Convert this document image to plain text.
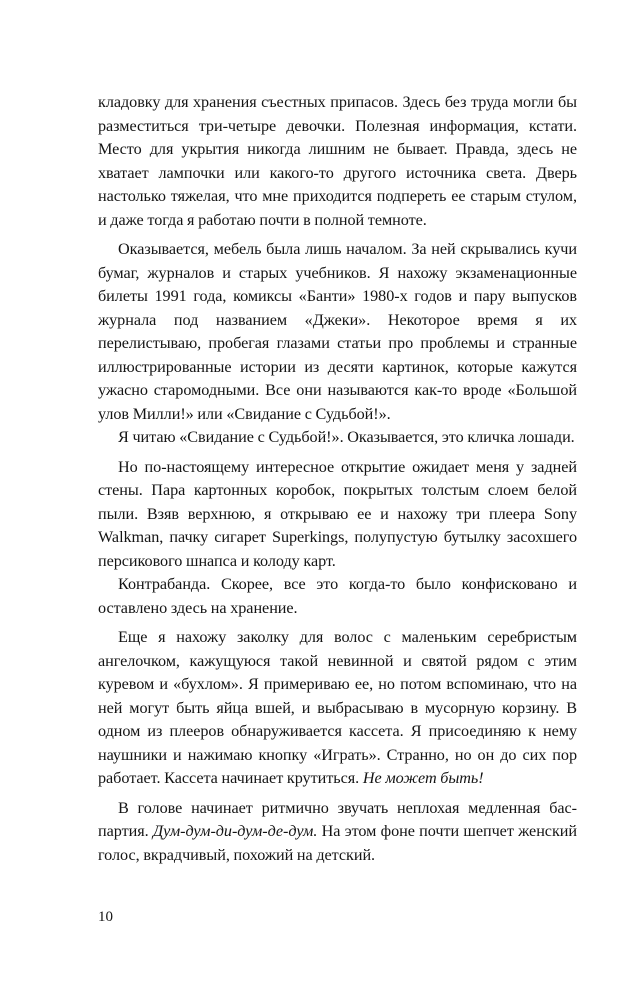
кладовку для хранения съестных припасов. Здесь без труда могли бы разместиться три-четыре девочки. Полезная информация, кстати. Место для укрытия никогда лишним не бывает. Правда, здесь не хватает лампочки или какого-то другого источника света. Дверь настолько тяжелая, что мне приходится подпереть ее старым стулом, и даже тогда я работаю почти в полной темноте.

Оказывается, мебель была лишь началом. За ней скрывались кучи бумаг, журналов и старых учебников. Я нахожу экзаменационные билеты 1991 года, комиксы «Банти» 1980-х годов и пару выпусков журнала под названием «Джеки». Некоторое время я их перелистываю, пробегая глазами статьи про проблемы и странные иллюстрированные истории из десяти картинок, которые кажутся ужасно старомодными. Все они называются как-то вроде «Большой улов Милли!» или «Свидание с Судьбой!».

Я читаю «Свидание с Судьбой!». Оказывается, это кличка лошади.

Но по-настоящему интересное открытие ожидает меня у задней стены. Пара картонных коробок, покрытых толстым слоем белой пыли. Взяв верхнюю, я открываю ее и нахожу три плеера Sony Walkman, пачку сигарет Superkings, полупустую бутылку засохшего персикового шнапса и колоду карт.

Контрабанда. Скорее, все это когда-то было конфисковано и оставлено здесь на хранение.

Еще я нахожу заколку для волос с маленьким серебристым ангелочком, кажущуюся такой невинной и святой рядом с этим куревом и «бухлом». Я примериваю ее, но потом вспоминаю, что на ней могут быть яйца вшей, и выбрасываю в мусорную корзину. В одном из плееров обнаруживается кассета. Я присоединяю к нему наушники и нажимаю кнопку «Играть». Странно, но он до сих пор работает. Кассета начинает крутиться. Не может быть!

В голове начинает ритмично звучать неплохая медленная бас-партия. Дум-дум-ди-дум-де-дум. На этом фоне почти шепчет женский голос, вкрадчивый, похожий на детский.

10
